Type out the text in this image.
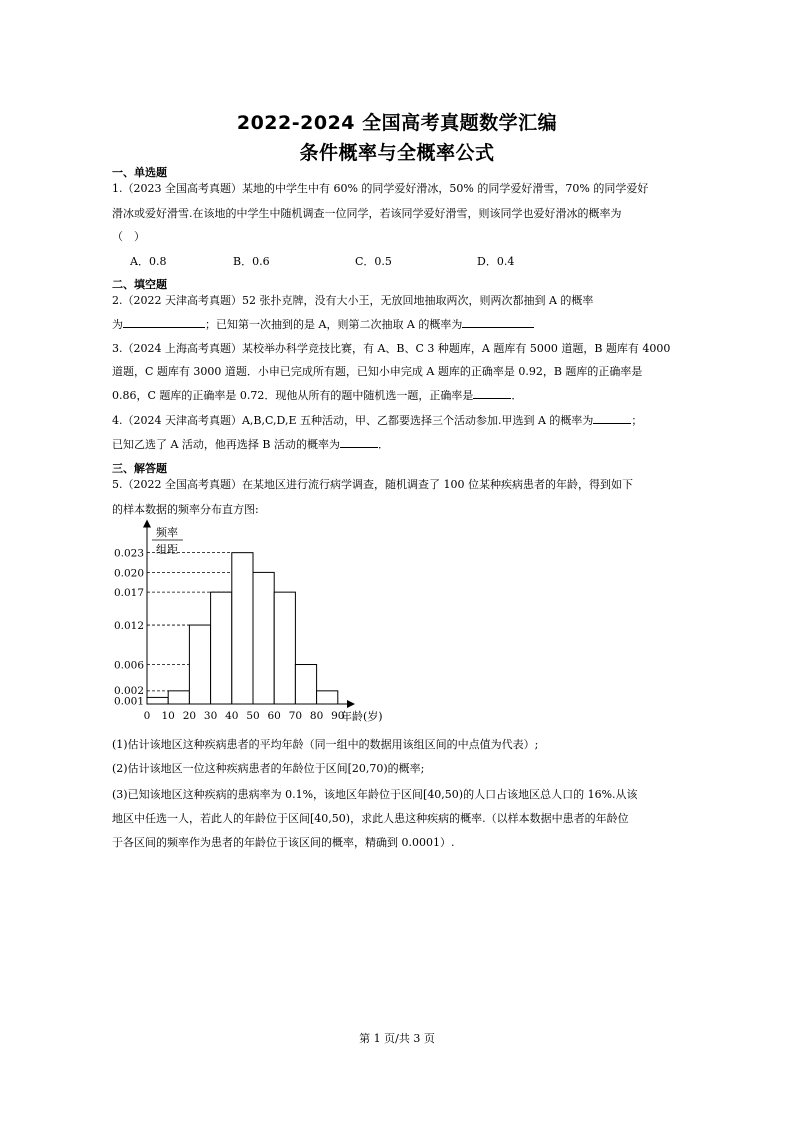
2022-2024 全国高考真题数学汇编
条件概率与全概率公式
一、单选题
1.（2023 全国高考真题）某地的中学生中有 60% 的同学爱好滑冰，50% 的同学爱好滑雪，70% 的同学爱好
滑冰或爱好滑雪.在该地的中学生中随机调查一位同学，若该同学爱好滑雪，则该同学也爱好滑冰的概率为
（　）
A．0.8	B．0.6	C．0.5	D．0.4
二、填空题
2.（2022 天津高考真题）52 张扑克牌，没有大小王，无放回地抽取两次，则两次都抽到 A 的概率
为	；已知第一次抽到的是 A，则第二次抽取 A 的概率为
3.（2024 上海高考真题）某校举办科学竞技比赛，有 A、B、C 3 种题库，A 题库有 5000 道题，B 题库有 4000
道题，C 题库有 3000 道题．小申已完成所有题，已知小申完成 A 题库的正确率是 0.92，B 题库的正确率是
0.86，C 题库的正确率是 0.72．现他从所有的题中随机选一题，正确率是	．
4.（2024 天津高考真题）A,B,C,D,E 五种活动，甲、乙都要选择三个活动参加.甲选到 A 的概率为	；
已知乙选了 A 活动，他再选择 B 活动的概率为	．
三、解答题
5.（2022 全国高考真题）在某地区进行流行病学调查，随机调查了 100 位某种疾病患者的年龄，得到如下
的样本数据的频率分布直方图:
0.001
0.002
0.006
0.012
0.017
0.020
0.023
0 10 20 30 40 50 60 70 80 90
年龄(岁)
频率
组距
(1)估计该地区这种疾病患者的平均年龄（同一组中的数据用该组区间的中点值为代表）;
(2)估计该地区一位这种疾病患者的年龄位于区间[20,70)的概率;
(3)已知该地区这种疾病的患病率为 0.1%，该地区年龄位于区间[40,50)的人口占该地区总人口的 16%.从该
地区中任选一人，若此人的年龄位于区间[40,50)，求此人患这种疾病的概率.（以样本数据中患者的年龄位
于各区间的频率作为患者的年龄位于该区间的概率，精确到 0.0001）.
第 1 页/共 3 页
